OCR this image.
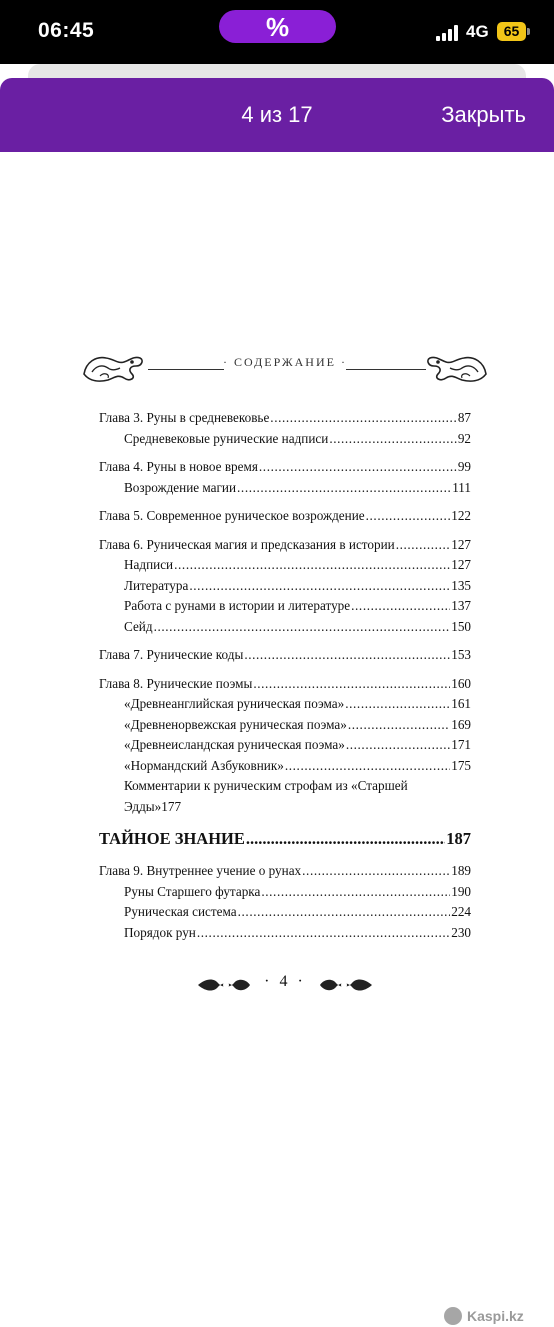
06:45	%	4G	65
4 из 17	Закрыть
· СОДЕРЖАНИЕ ·
Глава 3. Руны в средневековье .....	87
Средневековые рунические надписи .....	92
Глава 4. Руны в новое время .....	99
Возрождение магии .....	111
Глава 5. Современное руническое возрождение .....	122
Глава 6. Руническая магия и предсказания в истории .....	127
Надписи .....	127
Литература .....	135
Работа с рунами в истории и литературе .....	137
Сейд .....	150
Глава 7. Рунические коды .....	153
Глава 8. Рунические поэмы .....	160
«Древнеанглийская руническая поэма» .....	161
«Древненорвежская руническая поэма» .....	169
«Древнеисландская руническая поэма» .....	171
«Нормандский Азбуковник» .....	175
Комментарии к руническим строфам из «Старшей
Эдды» 177
ТАЙНОЕ ЗНАНИЕ .....	187
Глава 9. Внутреннее учение о рунах .....	189
Руны Старшего футарка .....	190
Руническая система .....	224
Порядок рун .....	230
· 4 ·
Kaspi.kz
